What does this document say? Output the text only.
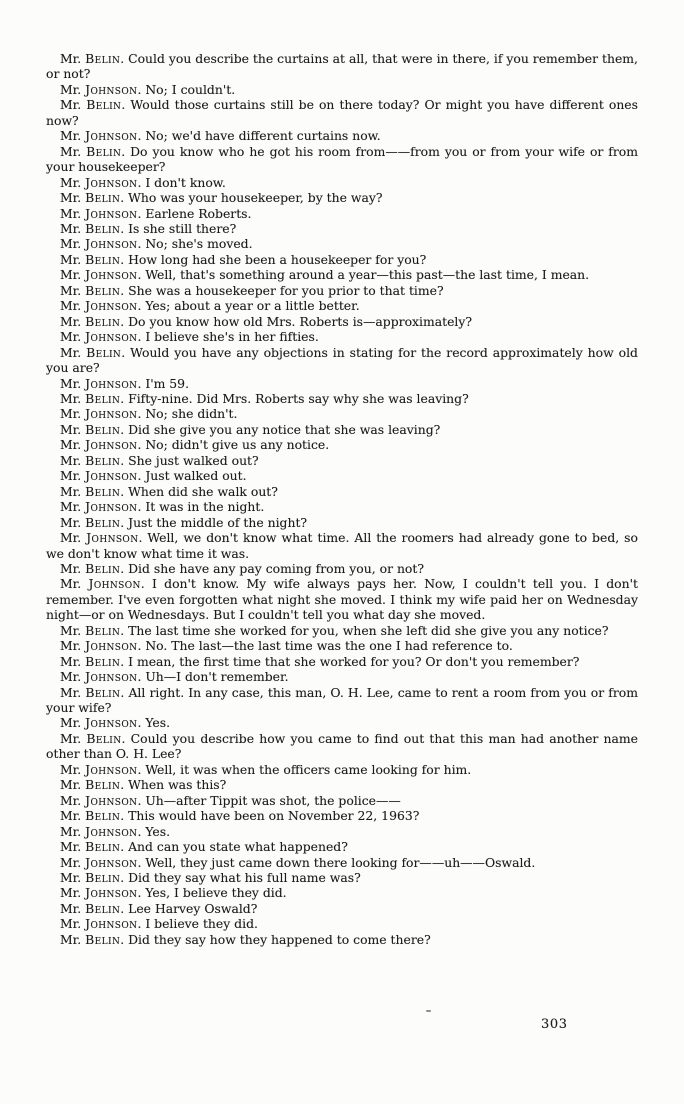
Mr. Belin. Could you describe the curtains at all, that were in there, if you remember them, or not?

Mr. Johnson. No; I couldn't.

Mr. Belin. Would those curtains still be on there today? Or might you have different ones now?

Mr. Johnson. No; we'd have different curtains now.

Mr. Belin. Do you know who he got his room from——from you or from your wife or from your housekeeper?

Mr. Johnson. I don't know.

Mr. Belin. Who was your housekeeper, by the way?

Mr. Johnson. Earlene Roberts.

Mr. Belin. Is she still there?

Mr. Johnson. No; she's moved.

Mr. Belin. How long had she been a housekeeper for you?

Mr. Johnson. Well, that's something around a year—this past—the last time, I mean.

Mr. Belin. She was a housekeeper for you prior to that time?

Mr. Johnson. Yes; about a year or a little better.

Mr. Belin. Do you know how old Mrs. Roberts is—approximately?

Mr. Johnson. I believe she's in her fifties.

Mr. Belin. Would you have any objections in stating for the record approximately how old you are?

Mr. Johnson. I'm 59.

Mr. Belin. Fifty-nine. Did Mrs. Roberts say why she was leaving?

Mr. Johnson. No; she didn't.

Mr. Belin. Did she give you any notice that she was leaving?

Mr. Johnson. No; didn't give us any notice.

Mr. Belin. She just walked out?

Mr. Johnson. Just walked out.

Mr. Belin. When did she walk out?

Mr. Johnson. It was in the night.

Mr. Belin. Just the middle of the night?

Mr. Johnson. Well, we don't know what time. All the roomers had already gone to bed, so we don't know what time it was.

Mr. Belin. Did she have any pay coming from you, or not?

Mr. Johnson. I don't know. My wife always pays her. Now, I couldn't tell you. I don't remember. I've even forgotten what night she moved. I think my wife paid her on Wednesday night—or on Wednesdays. But I couldn't tell you what day she moved.

Mr. Belin. The last time she worked for you, when she left did she give you any notice?

Mr. Johnson. No. The last—the last time was the one I had reference to.

Mr. Belin. I mean, the first time that she worked for you? Or don't you remember?

Mr. Johnson. Uh—I don't remember.

Mr. Belin. All right. In any case, this man, O. H. Lee, came to rent a room from you or from your wife?

Mr. Johnson. Yes.

Mr. Belin. Could you describe how you came to find out that this man had another name other than O. H. Lee?

Mr. Johnson. Well, it was when the officers came looking for him.

Mr. Belin. When was this?

Mr. Johnson. Uh—after Tippit was shot, the police——

Mr. Belin. This would have been on November 22, 1963?

Mr. Johnson. Yes.

Mr. Belin. And can you state what happened?

Mr. Johnson. Well, they just came down there looking for——uh——Oswald.

Mr. Belin. Did they say what his full name was?

Mr. Johnson. Yes, I believe they did.

Mr. Belin. Lee Harvey Oswald?

Mr. Johnson. I believe they did.

Mr. Belin. Did they say how they happened to come there?

303
